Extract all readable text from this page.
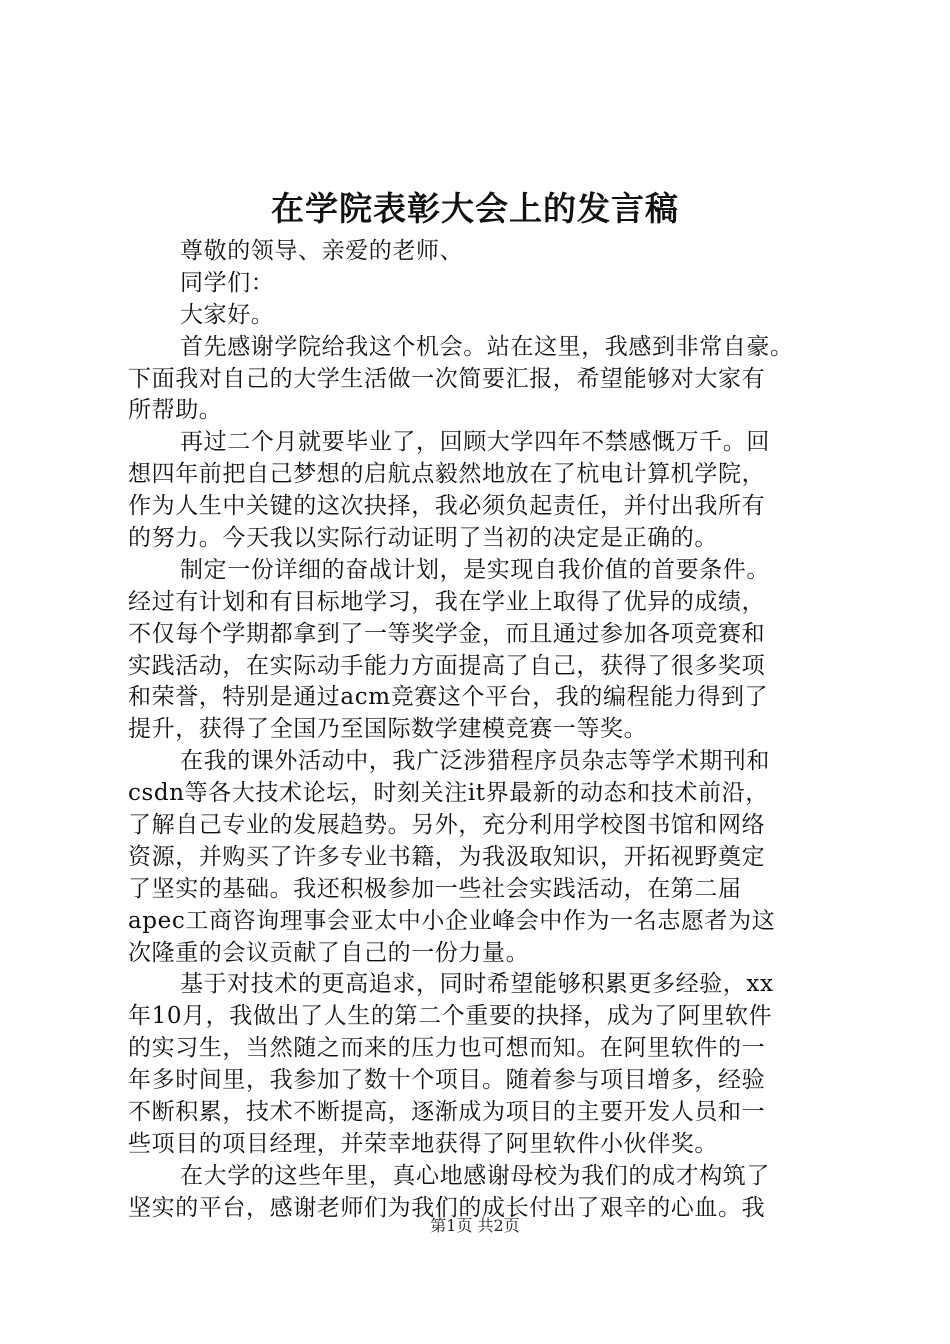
在学院表彰大会上的发言稿
尊敬的领导、亲爱的老师、
同学们：
大家好。
首先感谢学院给我这个机会。站在这里，我感到非常自豪。
下面我对自己的大学生活做一次简要汇报，希望能够对大家有
所帮助。
再过二个月就要毕业了，回顾大学四年不禁感慨万千。回
想四年前把自己梦想的启航点毅然地放在了杭电计算机学院，
作为人生中关键的这次抉择，我必须负起责任，并付出我所有
的努力。今天我以实际行动证明了当初的决定是正确的。
制定一份详细的奋战计划，是实现自我价值的首要条件。
经过有计划和有目标地学习，我在学业上取得了优异的成绩，
不仅每个学期都拿到了一等奖学金，而且通过参加各项竞赛和
实践活动，在实际动手能力方面提高了自己，获得了很多奖项
和荣誉，特别是通过acm竞赛这个平台，我的编程能力得到了
提升，获得了全国乃至国际数学建模竞赛一等奖。
在我的课外活动中，我广泛涉猎程序员杂志等学术期刊和
csdn等各大技术论坛，时刻关注it界最新的动态和技术前沿，
了解自己专业的发展趋势。另外，充分利用学校图书馆和网络
资源，并购买了许多专业书籍，为我汲取知识，开拓视野奠定
了坚实的基础。我还积极参加一些社会实践活动，在第二届
apec工商咨询理事会亚太中小企业峰会中作为一名志愿者为这
次隆重的会议贡献了自己的一份力量。
基于对技术的更高追求，同时希望能够积累更多经验，xx
年10月，我做出了人生的第二个重要的抉择，成为了阿里软件
的实习生，当然随之而来的压力也可想而知。在阿里软件的一
年多时间里，我参加了数十个项目。随着参与项目增多，经验
不断积累，技术不断提高，逐渐成为项目的主要开发人员和一
些项目的项目经理，并荣幸地获得了阿里软件小伙伴奖。
在大学的这些年里，真心地感谢母校为我们的成才构筑了
坚实的平台，感谢老师们为我们的成长付出了艰辛的心血。我
第1页 共2页
